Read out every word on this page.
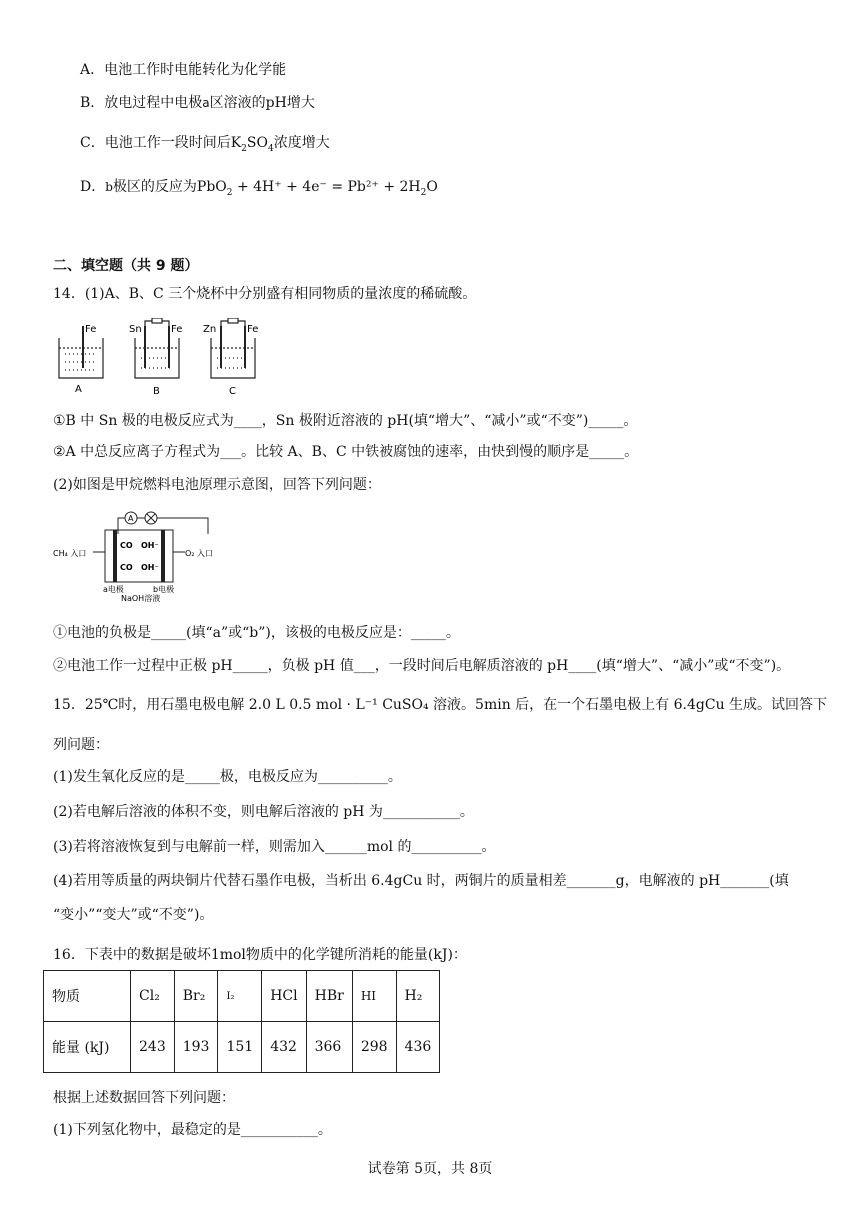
A．电池工作时电能转化为化学能
B．放电过程中电极a区溶液的pH增大
C．电池工作一段时间后$K_2SO_4$浓度增大
D．b极区的反应为$PbO_2 + 4H^+ + 4e^- = Pb^{2+} + 2H_2O$
二、填空题（共 9 题）
14．(1)A、B、C 三个烧杯中分别盛有相同物质的量浓度的稀硫酸。
Fe
A
Sn	Fe
B
Zn	Fe
C
①B 中 Sn 极的电极反应式为____，Sn 极附近溶液的 pH(填“增大”、“减小”或“不变”)_____。
②A 中总反应离子方程式为___。比较 A、B、C 中铁被腐蚀的速率，由快到慢的顺序是_____。
(2)如图是甲烷燃料电池原理示意图，回答下列问题：
A
CH₄ 入口	O₂ 入口
CO OH⁻
CO OH⁻
a电极	b电极
NaOH溶液
①电池的负极是_____(填“a”或“b”)，该极的电极反应是：_____。
②电池工作一过程中正极 pH_____，负极 pH 值___，一段时间后电解质溶液的 pH____(填“增大”、“减小”或“不变”)。
15．25℃时，用石墨电极电解 2.0 L 0.5 mol · L⁻¹ CuSO₄ 溶液。5min 后，在一个石墨电极上有 6.4gCu 生成。试回答下
列问题：
(1)发生氧化反应的是_____极，电极反应为__________。
(2)若电解后溶液的体积不变，则电解后溶液的 pH 为___________。
(3)若将溶液恢复到与电解前一样，则需加入______mol 的__________。
(4)若用等质量的两块铜片代替石墨作电极，当析出 6.4gCu 时，两铜片的质量相差_______g，电解液的 pH_______(填
“变小”“变大”或“不变”)。
16．下表中的数据是破坏1mol物质中的化学键所消耗的能量(kJ)：
物质	Cl₂	Br₂	I₂	HCl	HBr	HI	H₂
能量 (kJ)	243	193	151	432	366	298	436
根据上述数据回答下列问题：
(1)下列氢化物中，最稳定的是___________。
试卷第 5页，共 8页
